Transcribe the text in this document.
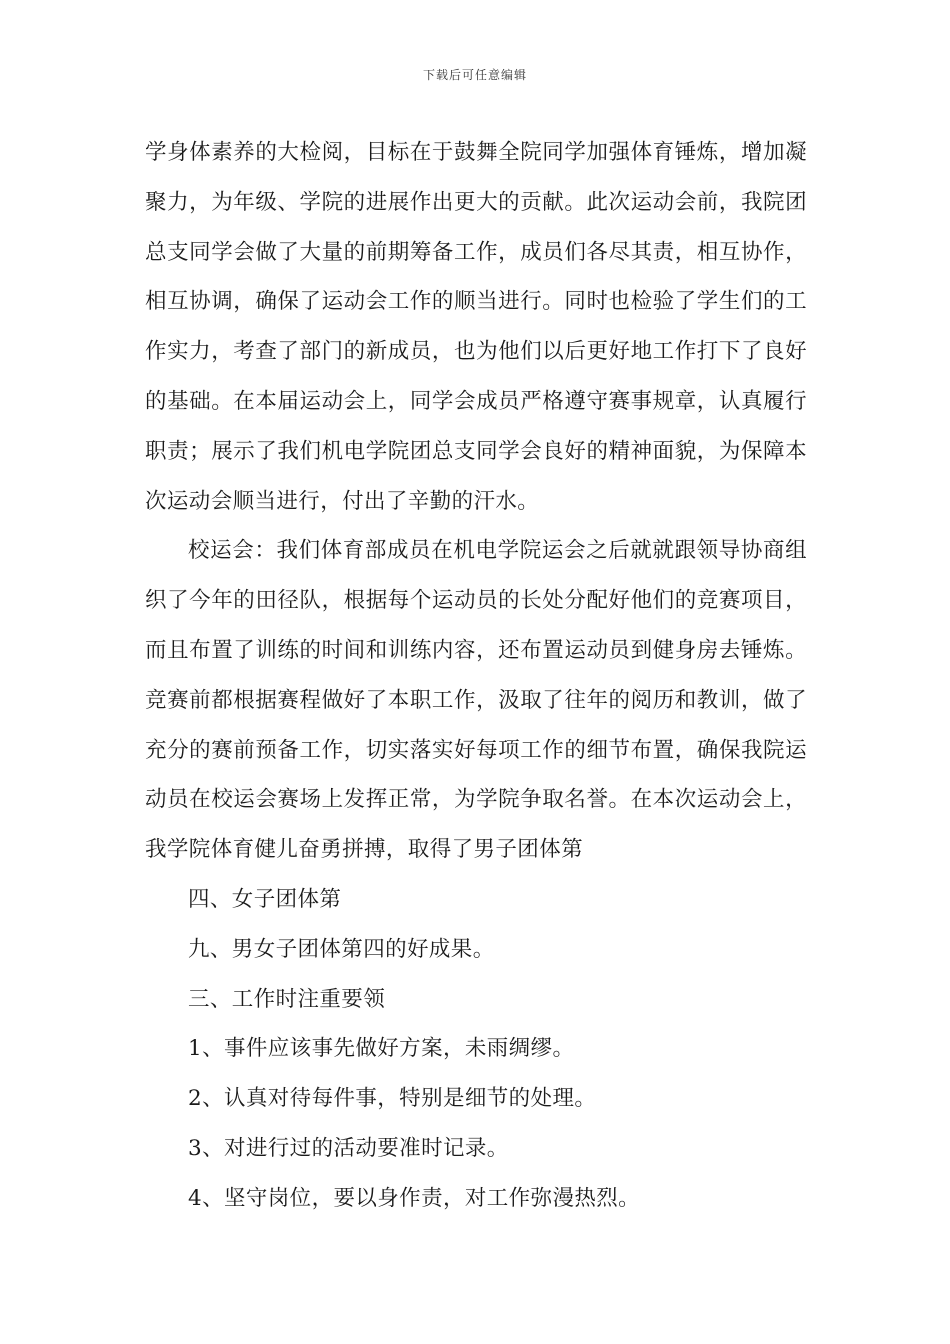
下载后可任意编辑

学身体素养的大检阅，目标在于鼓舞全院同学加强体育锤炼，增加凝聚力，为年级、学院的进展作出更大的贡献。此次运动会前，我院团总支同学会做了大量的前期筹备工作，成员们各尽其责，相互协作，相互协调，确保了运动会工作的顺当进行。同时也检验了学生们的工作实力，考查了部门的新成员，也为他们以后更好地工作打下了良好的基础。在本届运动会上，同学会成员严格遵守赛事规章，认真履行职责；展示了我们机电学院团总支同学会良好的精神面貌，为保障本次运动会顺当进行，付出了辛勤的汗水。

校运会：我们体育部成员在机电学院运会之后就就跟领导协商组织了今年的田径队，根据每个运动员的长处分配好他们的竞赛项目，而且布置了训练的时间和训练内容，还布置运动员到健身房去锤炼。竞赛前都根据赛程做好了本职工作，汲取了往年的阅历和教训，做了充分的赛前预备工作，切实落实好每项工作的细节布置，确保我院运动员在校运会赛场上发挥正常，为学院争取名誉。在本次运动会上，我学院体育健儿奋勇拼搏，取得了男子团体第

四、女子团体第

九、男女子团体第四的好成果。

三、工作时注重要领

1、事件应该事先做好方案，未雨绸缪。

2、认真对待每件事，特别是细节的处理。

3、对进行过的活动要准时记录。

4、坚守岗位，要以身作责，对工作弥漫热烈。
